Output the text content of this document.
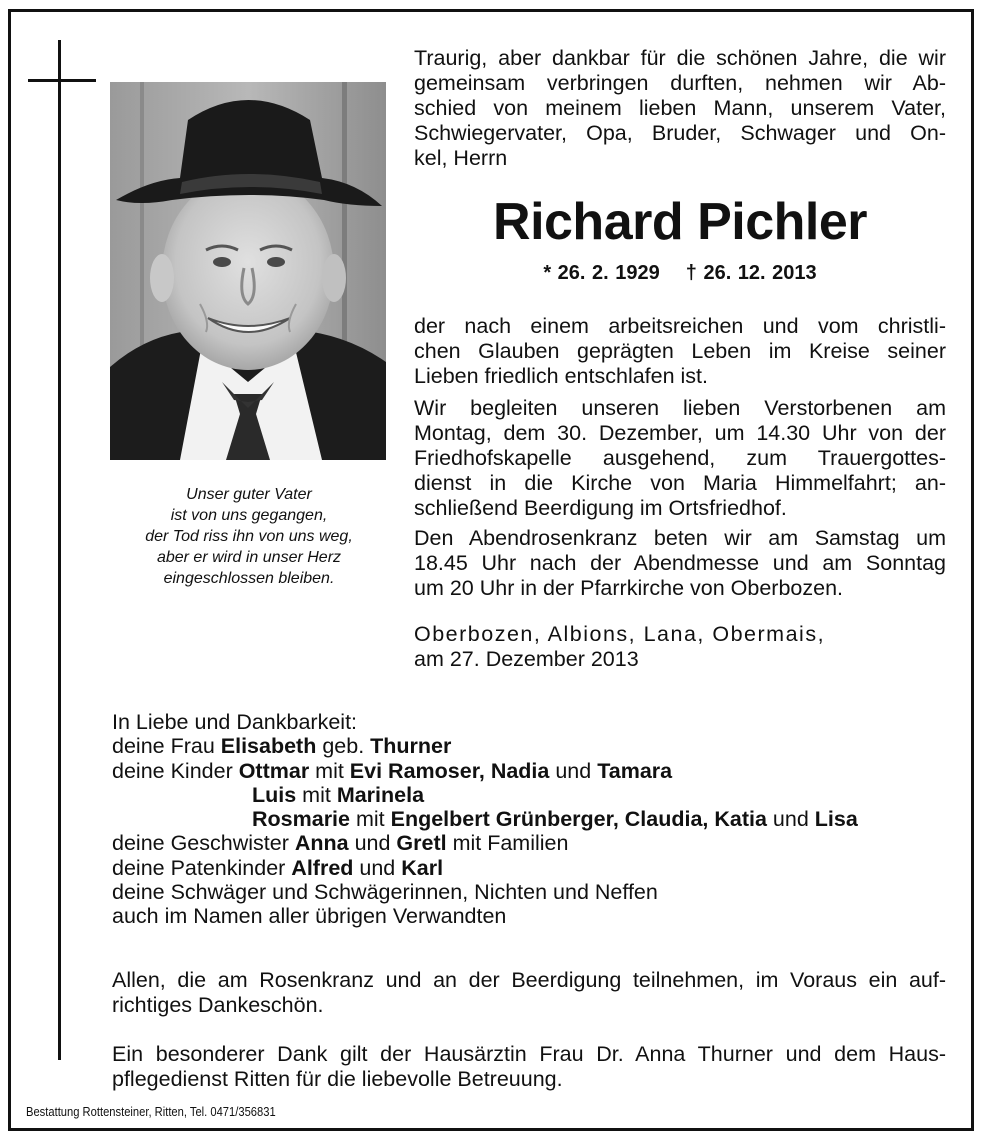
Unser guter Vater
ist von uns gegangen,
der Tod riss ihn von uns weg,
aber er wird in unser Herz
eingeschlossen bleiben.
Traurig, aber dankbar für die schönen Jahre, die wir
gemeinsam verbringen durften, nehmen wir Ab-
schied von meinem lieben Mann, unserem Vater,
Schwiegervater, Opa, Bruder, Schwager und On-
kel, Herrn
Richard Pichler
* 26. 2. 1929 † 26. 12. 2013
der nach einem arbeitsreichen und vom christli-
chen Glauben geprägten Leben im Kreise seiner
Lieben friedlich entschlafen ist.
Wir begleiten unseren lieben Verstorbenen am
Montag, dem 30. Dezember, um 14.30 Uhr von der
Friedhofskapelle ausgehend, zum Trauergottes-
dienst in die Kirche von Maria Himmelfahrt; an-
schließend Beerdigung im Ortsfriedhof.
Den Abendrosenkranz beten wir am Samstag um
18.45 Uhr nach der Abendmesse und am Sonntag
um 20 Uhr in der Pfarrkirche von Oberbozen.
Oberbozen, Albions, Lana, Obermais,
am 27. Dezember 2013
In Liebe und Dankbarkeit:
deine Frau Elisabeth geb. Thurner
deine Kinder Ottmar mit Evi Ramoser, Nadia und Tamara
Luis mit Marinela
Rosmarie mit Engelbert Grünberger, Claudia, Katia und Lisa
deine Geschwister Anna und Gretl mit Familien
deine Patenkinder Alfred und Karl
deine Schwäger und Schwägerinnen, Nichten und Neffen
auch im Namen aller übrigen Verwandten
Allen, die am Rosenkranz und an der Beerdigung teilnehmen, im Voraus ein auf-
richtiges Dankeschön.
Ein besonderer Dank gilt der Hausärztin Frau Dr. Anna Thurner und dem Haus-
pflegedienst Ritten für die liebevolle Betreuung.
Bestattung Rottensteiner, Ritten, Tel. 0471/356831
